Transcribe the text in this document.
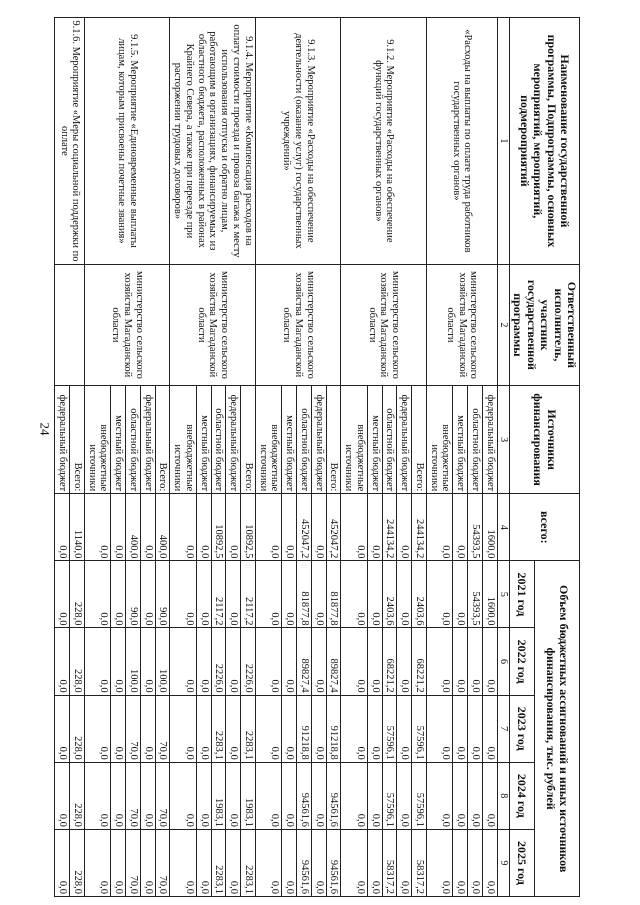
24
Наименование государственной программы, Подпрограммы, основных мероприятий, мероприятий, подмероприятий	Ответственный исполнитель, участник государственной программы	Источники финансирования	всего:	Объем бюджетных ассигнований и иных источников финансирования, тыс. рублей				
				2021 год	2022 год	2023 год	2024 год	2025 год
1	2	3	4	5	6	7	8	9
«Расходы на выплаты по оплате труда работников государственных органов»	министерство сельского хозяйства Магаданской области	федеральный бюджет	1600,0	1600,0	0,0	0,0	0,0	0,0
		областной бюджет	54393,5	54393,5	0,0	0,0	0,0	0,0
		местный бюджет	0,0	0,0	0,0	0,0	0,0	0,0
		внебюджетные источники	0,0	0,0	0,0	0,0	0,0	0,0
9.1.2. Мероприятие «Расходы на обеспечение функций государственных органов»	министерство сельского хозяйства Магаданской области	Всего:	244134,2	2403,6	68221,2	57596,1	57596,1	58317,2
		федеральный бюджет	0,0	0,0	0,0	0,0	0,0	0,0
		областной бюджет	244134,2	2403,6	68221,2	57596,1	57596,1	58317,2
		местный бюджет	0,0	0,0	0,0	0,0	0,0	0,0
		внебюджетные источники	0,0	0,0	0,0	0,0	0,0	0,0
9.1.3. Мероприятие «Расходы на обеспечение деятельности (оказание услуг) государственных учреждений»	министерство сельского хозяйства Магаданской области	Всего:	452047,2	81877,8	89827,4	91218,8	94561,6	94561,6
		федеральный бюджет	0,0	0,0	0,0	0,0	0,0	0,0
		областной бюджет	452047,2	81877,8	89827,4	91218,8	94561,6	94561,6
		местный бюджет	0,0	0,0	0,0	0,0	0,0	0,0
		внебюджетные источники	0,0	0,0	0,0	0,0	0,0	0,0
9.1.4. Мероприятие «Компенсация расходов на оплату стоимости проезда и провоза багажа к месту использования отпуска и обратно лицам, работающим в организациях, финансируемых из областного бюджета, расположенных в районах Крайнего Севера, а также при переезде при расторжении трудовых договоров»	министерство сельского хозяйства Магаданской области	Всего:	10892,5	2117,2	2226,0	2283,1	1983,1	2283,1
		федеральный бюджет	0,0	0,0	0,0	0,0	0,0	0,0
		областной бюджет	10892,5	2117,2	2226,0	2283,1	1983,1	2283,1
		местный бюджет	0,0	0,0	0,0	0,0	0,0	0,0
		внебюджетные источники	0,0	0,0	0,0	0,0	0,0	0,0
9.1.5. Мероприятие «Единовременные выплаты лицам, которым присвоены почетные звания»	министерство сельского хозяйства Магаданской области	Всего:	400,0	90,0	100,0	70,0	70,0	70,0
		федеральный бюджет	0,0	0,0	0,0	0,0	0,0	0,0
		областной бюджет	400,0	90,0	100,0	70,0	70,0	70,0
		местный бюджет	0,0	0,0	0,0	0,0	0,0	0,0
		внебюджетные источники	0,0	0,0	0,0	0,0	0,0	0,0
9.1.6. Мероприятие «Меры социальной поддержки по оплате		Всего:	1140,0	228,0	228,0	228,0	228,0	228,0
		федеральный бюджет	0,0	0,0	0,0	0,0	0,0	0,0
